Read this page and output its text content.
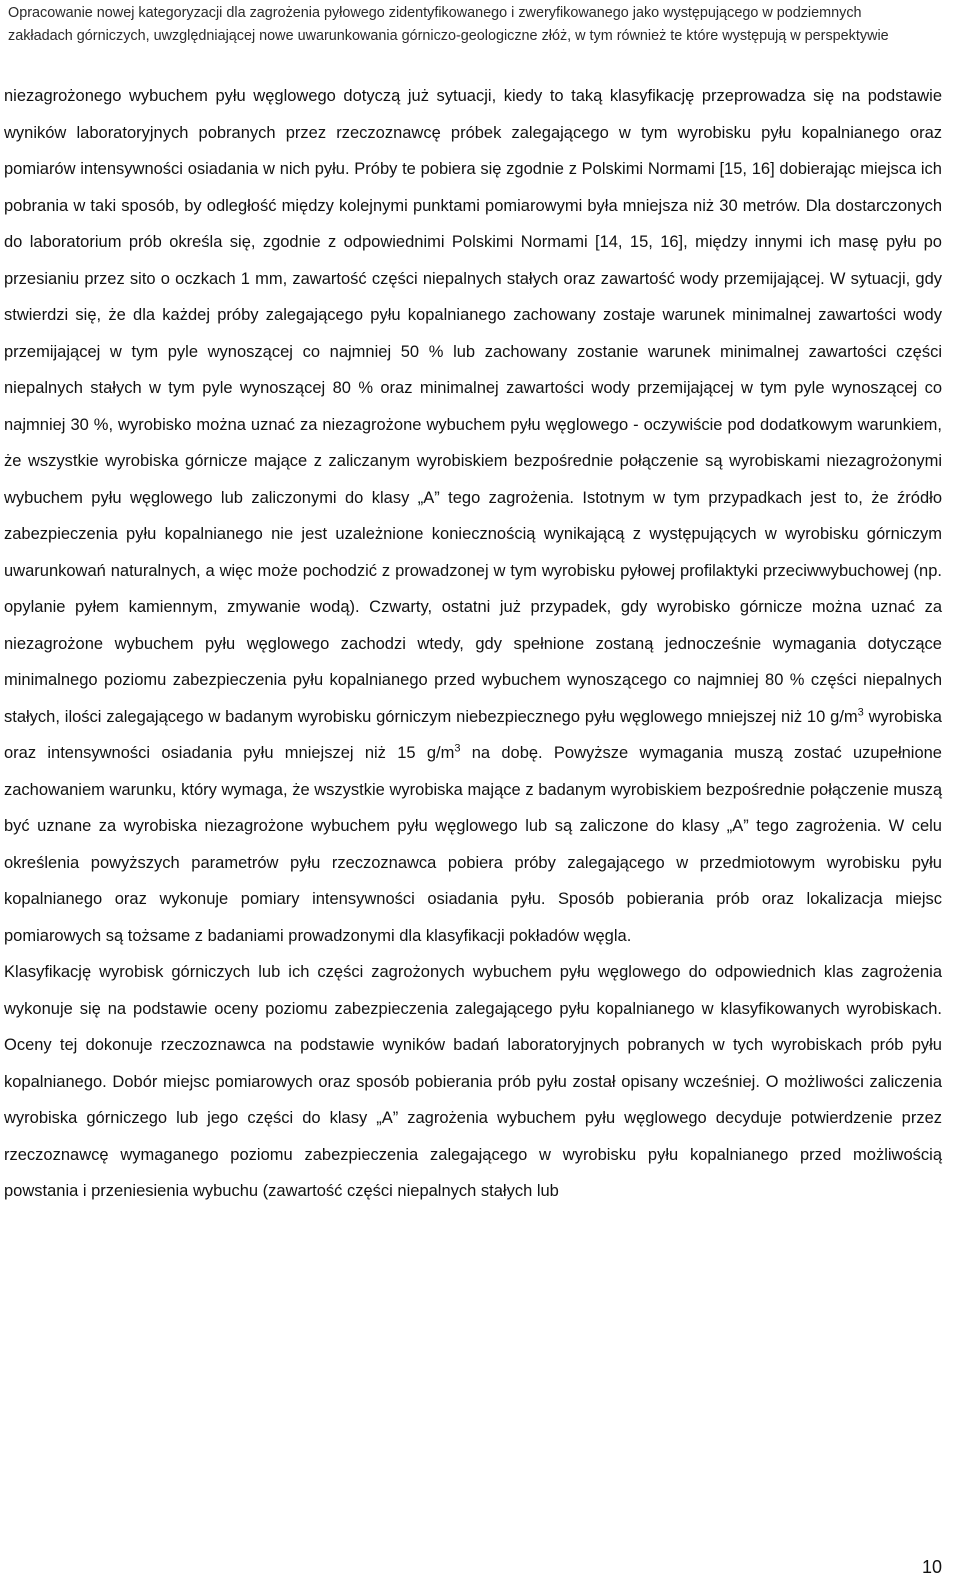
Opracowanie nowej kategoryzacji dla zagrożenia pyłowego zidentyfikowanego i zweryfikowanego jako występującego w podziemnych
zakładach górniczych, uwzględniającej nowe uwarunkowania górniczo-geologiczne złóż, w tym również te które występują w perspektywie

niezagrożonego wybuchem pyłu węglowego dotyczą już sytuacji, kiedy to taką klasyfikację przeprowadza się na podstawie wyników laboratoryjnych pobranych przez rzeczoznawcę próbek zalegającego w tym wyrobisku pyłu kopalnianego oraz pomiarów intensywności osiadania w nich pyłu. Próby te pobiera się zgodnie z Polskimi Normami [15, 16] dobierając miejsca ich pobrania w taki sposób, by odległość między kolejnymi punktami pomiarowymi była mniejsza niż 30 metrów. Dla dostarczonych do laboratorium prób określa się, zgodnie z odpowiednimi Polskimi Normami [14, 15, 16], między innymi ich masę pyłu po przesianiu przez sito o oczkach 1 mm, zawartość części niepalnych stałych oraz zawartość wody przemijającej. W sytuacji, gdy stwierdzi się, że dla każdej próby zalegającego pyłu kopalnianego zachowany zostaje warunek minimalnej zawartości wody przemijającej w tym pyle wynoszącej co najmniej 50 % lub zachowany zostanie warunek minimalnej zawartości części niepalnych stałych w tym pyle wynoszącej 80 % oraz minimalnej zawartości wody przemijającej w tym pyle wynoszącej co najmniej 30 %, wyrobisko można uznać za niezagrożone wybuchem pyłu węglowego - oczywiście pod dodatkowym warunkiem, że wszystkie wyrobiska górnicze mające z zaliczanym wyrobiskiem bezpośrednie połączenie są wyrobiskami niezagrożonymi wybuchem pyłu węglowego lub zaliczonymi do klasy „A” tego zagrożenia. Istotnym w tym przypadkach jest to, że źródło zabezpieczenia pyłu kopalnianego nie jest uzależnione koniecznością wynikającą z występujących w wyrobisku górniczym uwarunkowań naturalnych, a więc może pochodzić z prowadzonej w tym wyrobisku pyłowej profilaktyki przeciwwybuchowej (np. opylanie pyłem kamiennym, zmywanie wodą). Czwarty, ostatni już przypadek, gdy wyrobisko górnicze można uznać za niezagrożone wybuchem pyłu węglowego zachodzi wtedy, gdy spełnione zostaną jednocześnie wymagania dotyczące minimalnego poziomu zabezpieczenia pyłu kopalnianego przed wybuchem wynoszącego co najmniej 80 % części niepalnych stałych, ilości zalegającego w badanym wyrobisku górniczym niebezpiecznego pyłu węglowego mniejszej niż 10 $g/m^3$ wyrobiska oraz intensywności osiadania pyłu mniejszej niż 15 $g/m^3$ na dobę. Powyższe wymagania muszą zostać uzupełnione zachowaniem warunku, który wymaga, że wszystkie wyrobiska mające z badanym wyrobiskiem bezpośrednie połączenie muszą być uznane za wyrobiska niezagrożone wybuchem pyłu węglowego lub są zaliczone do klasy „A” tego zagrożenia. W celu określenia powyższych parametrów pyłu rzeczoznawca pobiera próby zalegającego w przedmiotowym wyrobisku pyłu kopalnianego oraz wykonuje pomiary intensywności osiadania pyłu. Sposób pobierania prób oraz lokalizacja miejsc pomiarowych są tożsame z badaniami prowadzonymi dla klasyfikacji pokładów węgla.

Klasyfikację wyrobisk górniczych lub ich części zagrożonych wybuchem pyłu węglowego do odpowiednich klas zagrożenia wykonuje się na podstawie oceny poziomu zabezpieczenia zalegającego pyłu kopalnianego w klasyfikowanych wyrobiskach. Oceny tej dokonuje rzeczoznawca na podstawie wyników badań laboratoryjnych pobranych w tych wyrobiskach prób pyłu kopalnianego. Dobór miejsc pomiarowych oraz sposób pobierania prób pyłu został opisany wcześniej. O możliwości zaliczenia wyrobiska górniczego lub jego części do klasy „A” zagrożenia wybuchem pyłu węglowego decyduje potwierdzenie przez rzeczoznawcę wymaganego poziomu zabezpieczenia zalegającego w wyrobisku pyłu kopalnianego przed możliwością powstania i przeniesienia wybuchu (zawartość części niepalnych stałych lub

10
